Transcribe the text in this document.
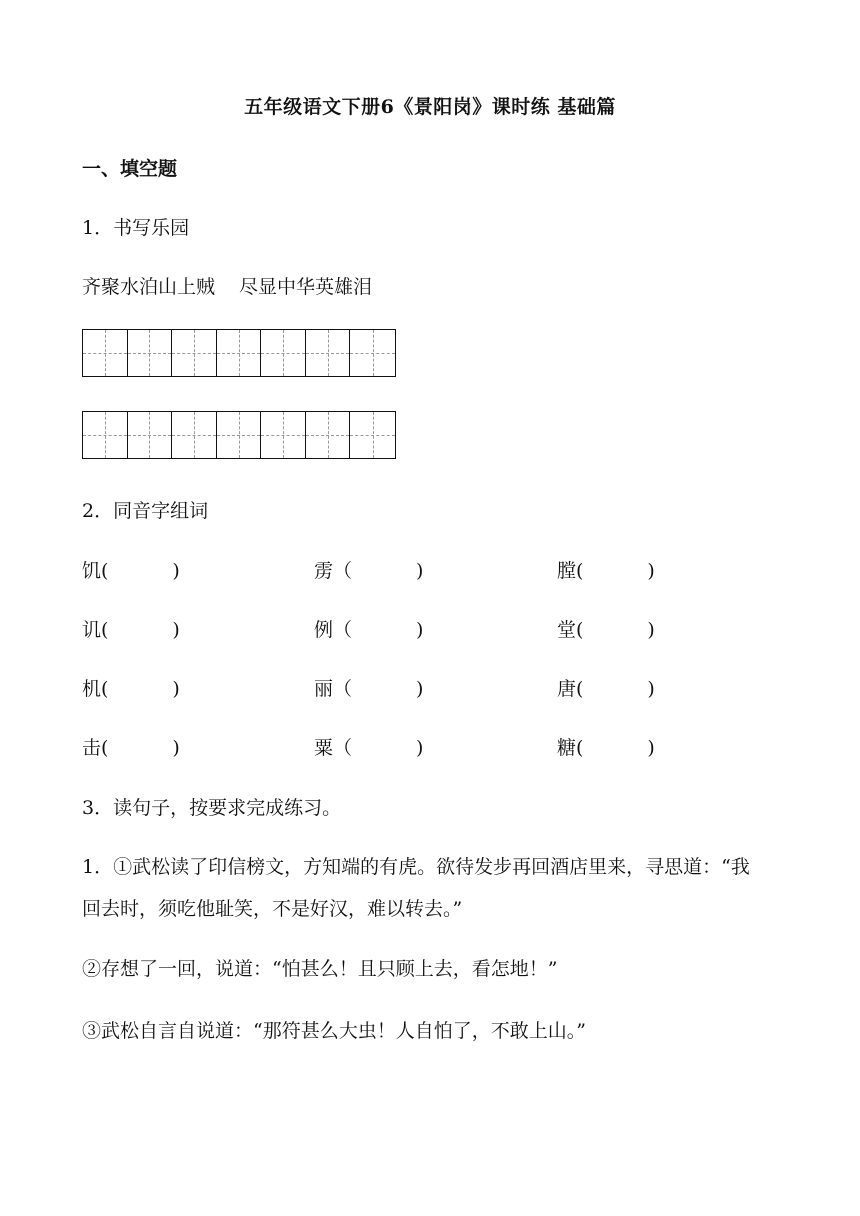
五年级语文下册6《景阳岗》课时练 基础篇
一、填空题
1．书写乐园
齐聚水泊山上贼 尽显中华英雄泪
2．同音字组词
饥(	)	雳（	)	膛(	)
讥(	)	例（	)	堂(	)
机(	)	丽（	)	唐(	)
击(	)	粟（	)	糖(	)
3．读句子，按要求完成练习。
1．①武松读了印信榜文，方知端的有虎。欲待发步再回酒店里来，寻思道：“我
回去时，须吃他耻笑，不是好汉，难以转去。”
②存想了一回，说道：“怕甚么！且只顾上去，看怎地！”
③武松自言自说道：“那符甚么大虫！人自怕了，不敢上山。”
